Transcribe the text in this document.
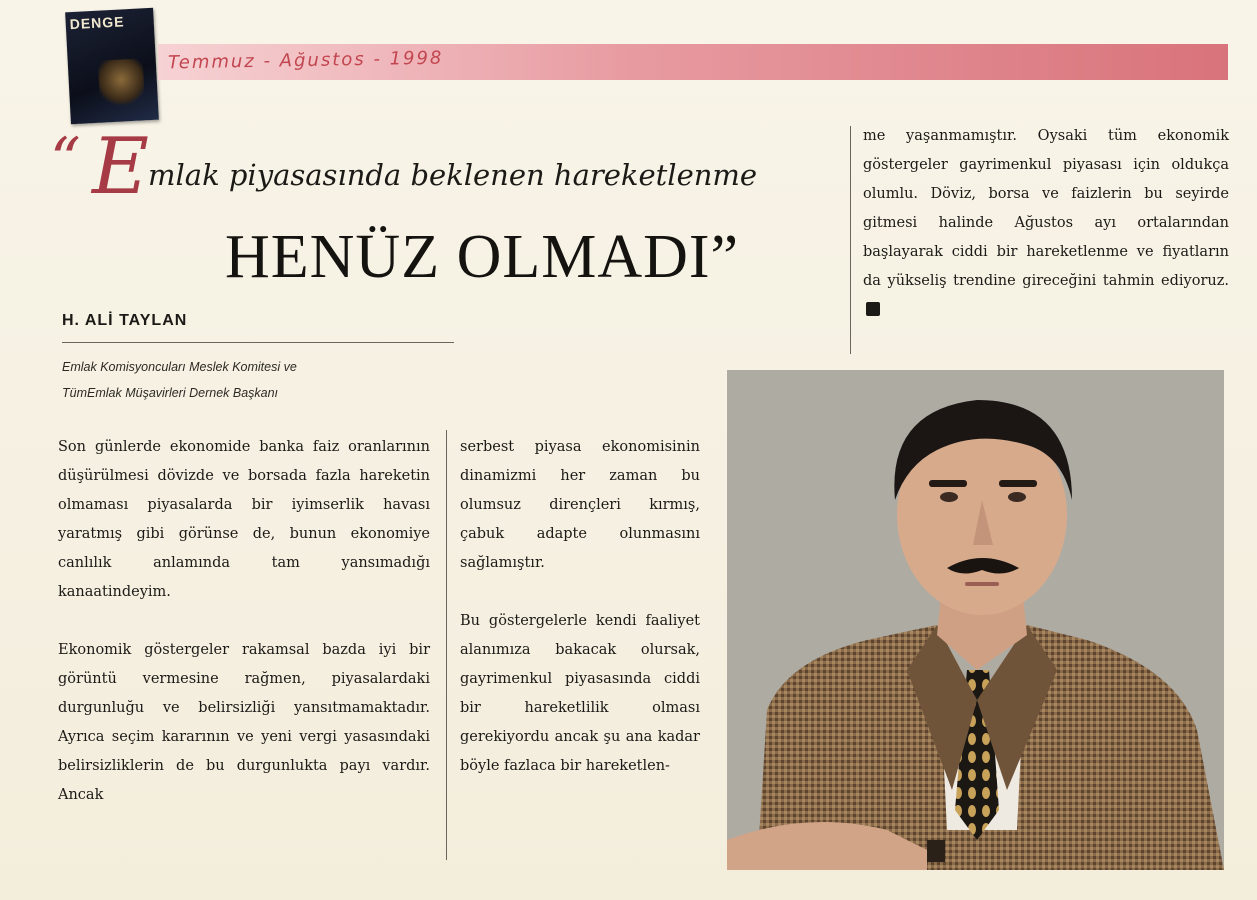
DENGE
Temmuz - Ağustos - 1998
“ E mlak piyasasında beklenen hareketlenme
HENÜZ OLMADI”
H. ALİ TAYLAN
Emlak Komisyoncuları Meslek Komitesi ve
TümEmlak Müşavirleri Dernek Başkanı

Son günlerde ekonomide banka faiz oranlarının düşürülmesi dövizde ve borsada fazla hareketin olmaması piyasalarda bir iyimserlik havası yaratmış gibi görünse de, bunun ekonomiye canlılık anlamında tam yansımadığı kanaatindeyim.

Ekonomik göstergeler rakamsal bazda iyi bir görüntü vermesine rağmen, piyasalardaki durgunluğu ve belirsizliği yansıtmamaktadır. Ayrıca seçim kararının ve yeni vergi yasasındaki belirsizliklerin de bu durgunlukta payı vardır. Ancak

serbest piyasa ekonomisinin dinamizmi her zaman bu olumsuz dirençleri kırmış, çabuk adapte olunmasını sağlamıştır.

Bu göstergelerle kendi faaliyet alanımıza bakacak olursak, gayrimenkul piyasasında ciddi bir hareketlilik olması gerekiyordu ancak şu ana kadar böyle fazlaca bir hareketlen-

me yaşanmamıştır. Oysaki tüm ekonomik göstergeler gayrimenkul piyasası için oldukça olumlu. Döviz, borsa ve faizlerin bu seyirde gitmesi halinde Ağustos ayı ortalarından başlayarak ciddi bir hareketlenme ve fiyatların da yükseliş trendine gireceğini tahmin ediyoruz.
